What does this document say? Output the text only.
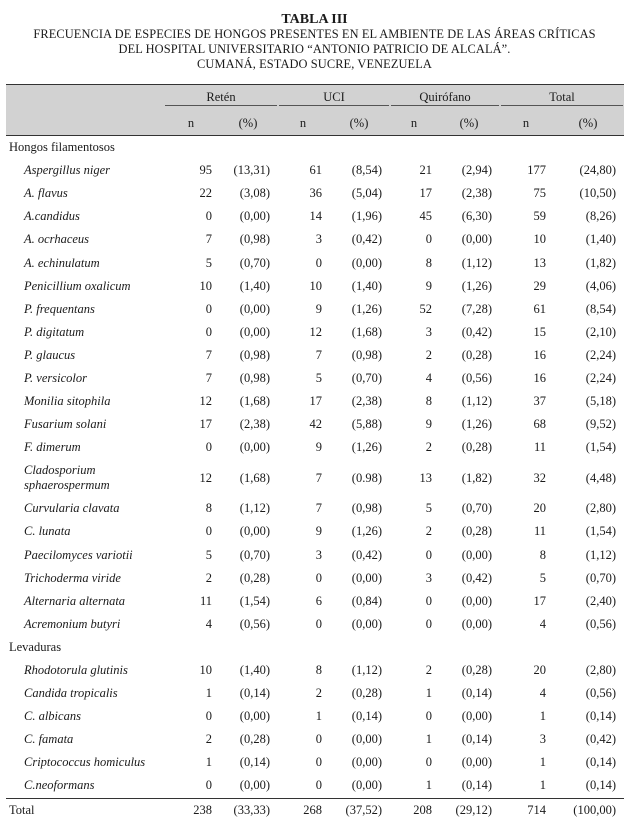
TABLA III
FRECUENCIA DE ESPECIES DE HONGOS PRESENTES EN EL AMBIENTE DE LAS ÁREAS CRÍTICAS
DEL HOSPITAL UNIVERSITARIO “ANTONIO PATRICIO DE ALCALÁ”.
CUMANÁ, ESTADO SUCRE, VENEZUELA

	Retén		UCI		Quirófano		Total	

	n	(%)	n	(%)	n	(%)	n	(%)
Hongos filamentosos								
Aspergillus niger	95	(13,31)	61	(8,54)	21	(2,94)	177	(24,80)
A. flavus	22	(3,08)	36	(5,04)	17	(2,38)	75	(10,50)
A.candidus	0	(0,00)	14	(1,96)	45	(6,30)	59	(8,26)
A. ocrhaceus	7	(0,98)	3	(0,42)	0	(0,00)	10	(1,40)
A. echinulatum	5	(0,70)	0	(0,00)	8	(1,12)	13	(1,82)
Penicillium oxalicum	10	(1,40)	10	(1,40)	9	(1,26)	29	(4,06)
P. frequentans	0	(0,00)	9	(1,26)	52	(7,28)	61	(8,54)
P. digitatum	0	(0,00)	12	(1,68)	3	(0,42)	15	(2,10)
P. glaucus	7	(0,98)	7	(0,98)	2	(0,28)	16	(2,24)
P. versicolor	7	(0,98)	5	(0,70)	4	(0,56)	16	(2,24)
Monilia sitophila	12	(1,68)	17	(2,38)	8	(1,12)	37	(5,18)
Fusarium solani	17	(2,38)	42	(5,88)	9	(1,26)	68	(9,52)
F. dimerum	0	(0,00)	9	(1,26)	2	(0,28)	11	(1,54)
Cladosporium sphaerospermum	12	(1,68)	7	(0.98)	13	(1,82)	32	(4,48)
Curvularia clavata	8	(1,12)	7	(0,98)	5	(0,70)	20	(2,80)
C. lunata	0	(0,00)	9	(1,26)	2	(0,28)	11	(1,54)
Paecilomyces variotii	5	(0,70)	3	(0,42)	0	(0,00)	8	(1,12)
Trichoderma viride	2	(0,28)	0	(0,00)	3	(0,42)	5	(0,70)
Alternaria alternata	11	(1,54)	6	(0,84)	0	(0,00)	17	(2,40)
Acremonium butyri	4	(0,56)	0	(0,00)	0	(0,00)	4	(0,56)
Levaduras								
Rhodotorula glutinis	10	(1,40)	8	(1,12)	2	(0,28)	20	(2,80)
Candida tropicalis	1	(0,14)	2	(0,28)	1	(0,14)	4	(0,56)
C. albicans	0	(0,00)	1	(0,14)	0	(0,00)	1	(0,14)
C. famata	2	(0,28)	0	(0,00)	1	(0,14)	3	(0,42)
Criptococcus homiculus	1	(0,14)	0	(0,00)	0	(0,00)	1	(0,14)
C.neoformans	0	(0,00)	0	(0,00)	1	(0,14)	1	(0,14)
Total	238	(33,33)	268	(37,52)	208	(29,12)	714	(100,00)
